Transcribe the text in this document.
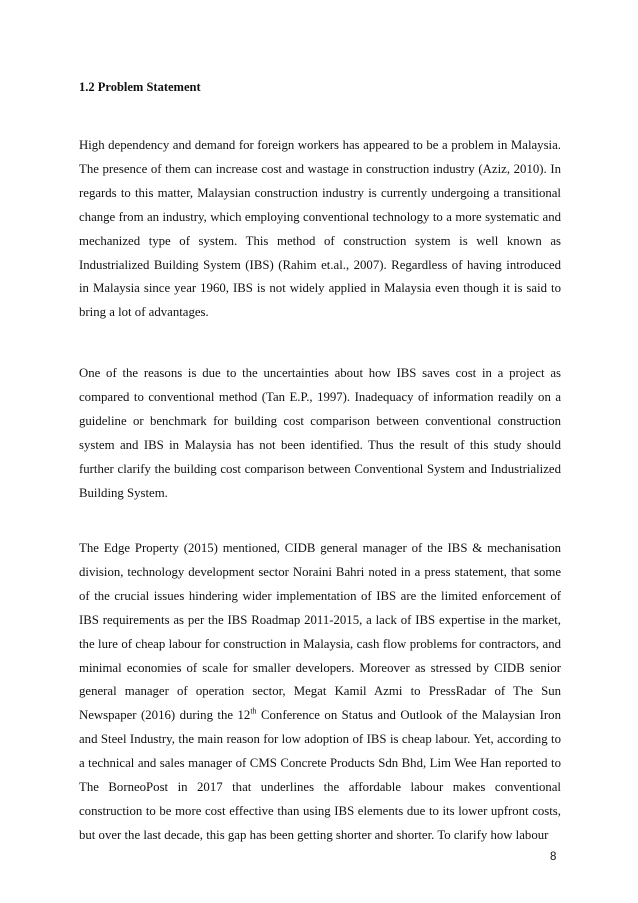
1.2 Problem Statement

High dependency and demand for foreign workers has appeared to be a problem in Malaysia. The presence of them can increase cost and wastage in construction industry (Aziz, 2010). In regards to this matter, Malaysian construction industry is currently undergoing a transitional change from an industry, which employing conventional technology to a more systematic and mechanized type of system. This method of construction system is well known as Industrialized Building System (IBS) (Rahim et.al., 2007). Regardless of having introduced in Malaysia since year 1960, IBS is not widely applied in Malaysia even though it is said to bring a lot of advantages.

One of the reasons is due to the uncertainties about how IBS saves cost in a project as compared to conventional method (Tan E.P., 1997). Inadequacy of information readily on a guideline or benchmark for building cost comparison between conventional construction system and IBS in Malaysia has not been identified. Thus the result of this study should further clarify the building cost comparison between Conventional System and Industrialized Building System.

The Edge Property (2015) mentioned, CIDB general manager of the IBS & mechanisation division, technology development sector Noraini Bahri noted in a press statement, that some of the crucial issues hindering wider implementation of IBS are the limited enforcement of IBS requirements as per the IBS Roadmap 2011-2015, a lack of IBS expertise in the market, the lure of cheap labour for construction in Malaysia, cash flow problems for contractors, and minimal economies of scale for smaller developers. Moreover as stressed by CIDB senior general manager of operation sector, Megat Kamil Azmi to PressRadar of The Sun Newspaper (2016) during the 12th Conference on Status and Outlook of the Malaysian Iron and Steel Industry, the main reason for low adoption of IBS is cheap labour. Yet, according to a technical and sales manager of CMS Concrete Products Sdn Bhd, Lim Wee Han reported to The BorneoPost in 2017 that underlines the affordable labour makes conventional construction to be more cost effective than using IBS elements due to its lower upfront costs, but over the last decade, this gap has been getting shorter and shorter. To clarify how labour

8
